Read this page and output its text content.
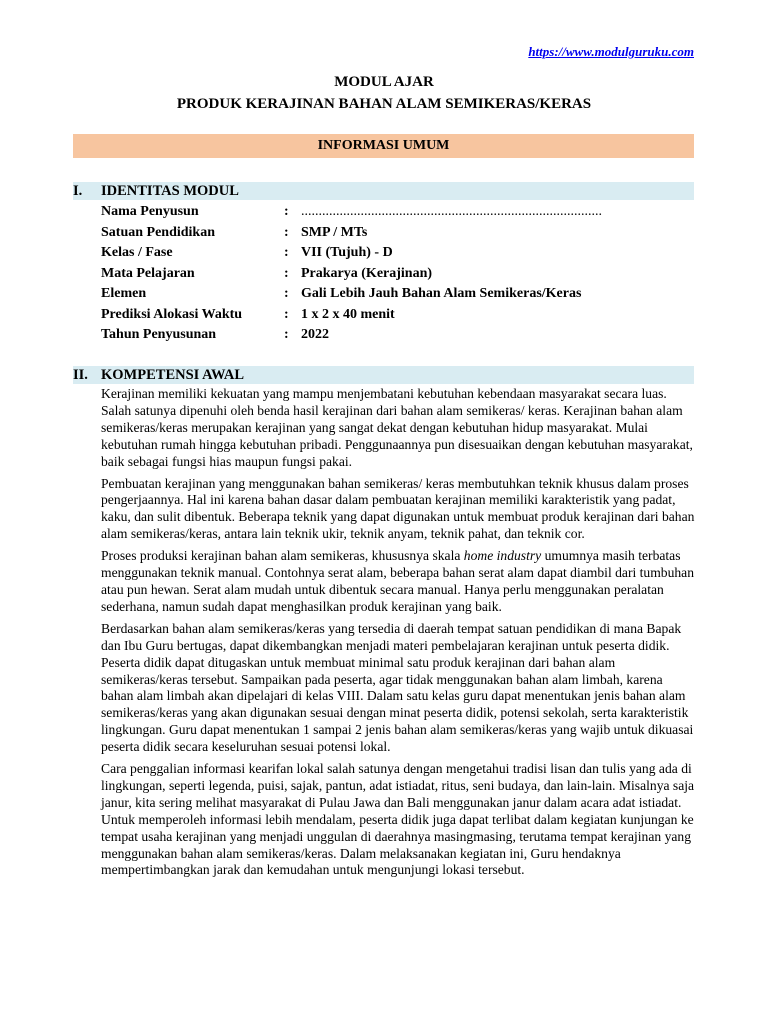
https://www.modulguruku.com
MODUL AJAR
PRODUK KERAJINAN BAHAN ALAM SEMIKERAS/KERAS
INFORMASI UMUM
I. IDENTITAS MODUL
Nama Penyusun	: ......................................................................................
Satuan Pendidikan	: SMP / MTs
Kelas / Fase	: VII (Tujuh) - D
Mata Pelajaran	: Prakarya (Kerajinan)
Elemen	: Gali Lebih Jauh Bahan Alam Semikeras/Keras
Prediksi Alokasi Waktu	: 1 x 2 x 40 menit
Tahun Penyusunan	: 2022
II. KOMPETENSI AWAL

Kerajinan memiliki kekuatan yang mampu menjembatani kebutuhan kebendaan masyarakat secara luas. Salah satunya dipenuhi oleh benda hasil kerajinan dari bahan alam semikeras/ keras. Kerajinan bahan alam semikeras/keras merupakan kerajinan yang sangat dekat dengan kebutuhan hidup masyarakat. Mulai kebutuhan rumah hingga kebutuhan pribadi. Penggunaannya pun disesuaikan dengan kebutuhan masyarakat, baik sebagai fungsi hias maupun fungsi pakai.

Pembuatan kerajinan yang menggunakan bahan semikeras/ keras membutuhkan teknik khusus dalam proses pengerjaannya. Hal ini karena bahan dasar dalam pembuatan kerajinan memiliki karakteristik yang padat, kaku, dan sulit dibentuk. Beberapa teknik yang dapat digunakan untuk membuat produk kerajinan dari bahan alam semikeras/keras, antara lain teknik ukir, teknik anyam, teknik pahat, dan teknik cor.

Proses produksi kerajinan bahan alam semikeras, khususnya skala home industry umumnya masih terbatas menggunakan teknik manual. Contohnya serat alam, beberapa bahan serat alam dapat diambil dari tumbuhan atau pun hewan. Serat alam mudah untuk dibentuk secara manual. Hanya perlu menggunakan peralatan sederhana, namun sudah dapat menghasilkan produk kerajinan yang baik.

Berdasarkan bahan alam semikeras/keras yang tersedia di daerah tempat satuan pendidikan di mana Bapak dan Ibu Guru bertugas, dapat dikembangkan menjadi materi pembelajaran kerajinan untuk peserta didik. Peserta didik dapat ditugaskan untuk membuat minimal satu produk kerajinan dari bahan alam semikeras/keras tersebut. Sampaikan pada peserta, agar tidak menggunakan bahan alam limbah, karena bahan alam limbah akan dipelajari di kelas VIII. Dalam satu kelas guru dapat menentukan jenis bahan alam semikeras/keras yang akan digunakan sesuai dengan minat peserta didik, potensi sekolah, serta karakteristik lingkungan. Guru dapat menentukan 1 sampai 2 jenis bahan alam semikeras/keras yang wajib untuk dikuasai peserta didik secara keseluruhan sesuai potensi lokal.

Cara penggalian informasi kearifan lokal salah satunya dengan mengetahui tradisi lisan dan tulis yang ada di lingkungan, seperti legenda, puisi, sajak, pantun, adat istiadat, ritus, seni budaya, dan lain-lain. Misalnya saja janur, kita sering melihat masyarakat di Pulau Jawa dan Bali menggunakan janur dalam acara adat istiadat. Untuk memperoleh informasi lebih mendalam, peserta didik juga dapat terlibat dalam kegiatan kunjungan ke tempat usaha kerajinan yang menjadi unggulan di daerahnya masingmasing, terutama tempat kerajinan yang menggunakan bahan alam semikeras/keras. Dalam melaksanakan kegiatan ini, Guru hendaknya mempertimbangkan jarak dan kemudahan untuk mengunjungi lokasi tersebut.
